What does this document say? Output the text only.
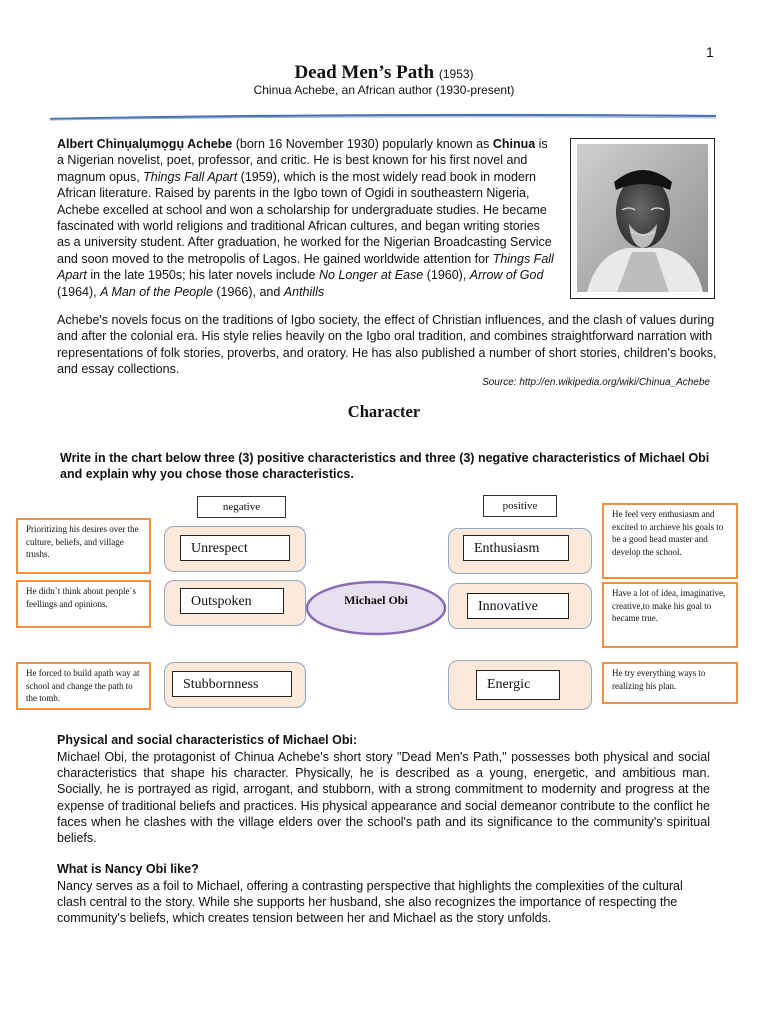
1
Dead Men’s Path (1953)
Chinua Achebe, an African author (1930-present)
Albert Chinụalụmọgụ Achebe (born 16 November 1930) popularly known as Chinua is a Nigerian novelist, poet, professor, and critic. He is best known for his first novel and magnum opus, Things Fall Apart (1959), which is the most widely read book in modern African literature. Raised by parents in the Igbo town of Ogidi in southeastern Nigeria, Achebe excelled at school and won a scholarship for undergraduate studies. He became fascinated with world religions and traditional African cultures, and began writing stories as a university student. After graduation, he worked for the Nigerian Broadcasting Service and soon moved to the metropolis of Lagos. He gained worldwide attention for Things Fall Apart in the late 1950s; his later novels include No Longer at Ease (1960), Arrow of God (1964), A Man of the People (1966), and Anthills
Achebe's novels focus on the traditions of Igbo society, the effect of Christian influences, and the clash of values during and after the colonial era. His style relies heavily on the Igbo oral tradition, and combines straightforward narration with representations of folk stories, proverbs, and oratory. He has also published a number of short stories, children's books, and essay collections.
Source: http://en.wikipedia.org/wiki/Chinua_Achebe
Character
Write in the chart below three (3) positive characteristics and three (3) negative characteristics of Michael Obi and explain why you chose those characteristics.
negative	positive
Michael Obi
Unrespect
Prioritizing his desires over the culture, beliefs, and village trushs.
Outspoken
He didn`t think about people`s feellings and opinions.
Stubbornness
He forced to build apath way at school and change the path to the tomb.
Enthusiasm
He feel very enthusiasm and excited to archieve his goals to be a good head master and develop the school.
Innovative
Have a lot of idea, imaginative, creative,to make his goal to became true.
Energic
He try everything ways to realizing his plan.
Physical and social characteristics of Michael Obi:
Michael Obi, the protagonist of Chinua Achebe's short story "Dead Men's Path," possesses both physical and social characteristics that shape his character. Physically, he is described as a young, energetic, and ambitious man. Socially, he is portrayed as rigid, arrogant, and stubborn, with a strong commitment to modernity and progress at the expense of traditional beliefs and practices. His physical appearance and social demeanor contribute to the conflict he faces when he clashes with the village elders over the school's path and its significance to the community's spiritual beliefs.
What is Nancy Obi like?
Nancy serves as a foil to Michael, offering a contrasting perspective that highlights the complexities of the cultural clash central to the story. While she supports her husband, she also recognizes the importance of respecting the community's beliefs, which creates tension between her and Michael as the story unfolds.
